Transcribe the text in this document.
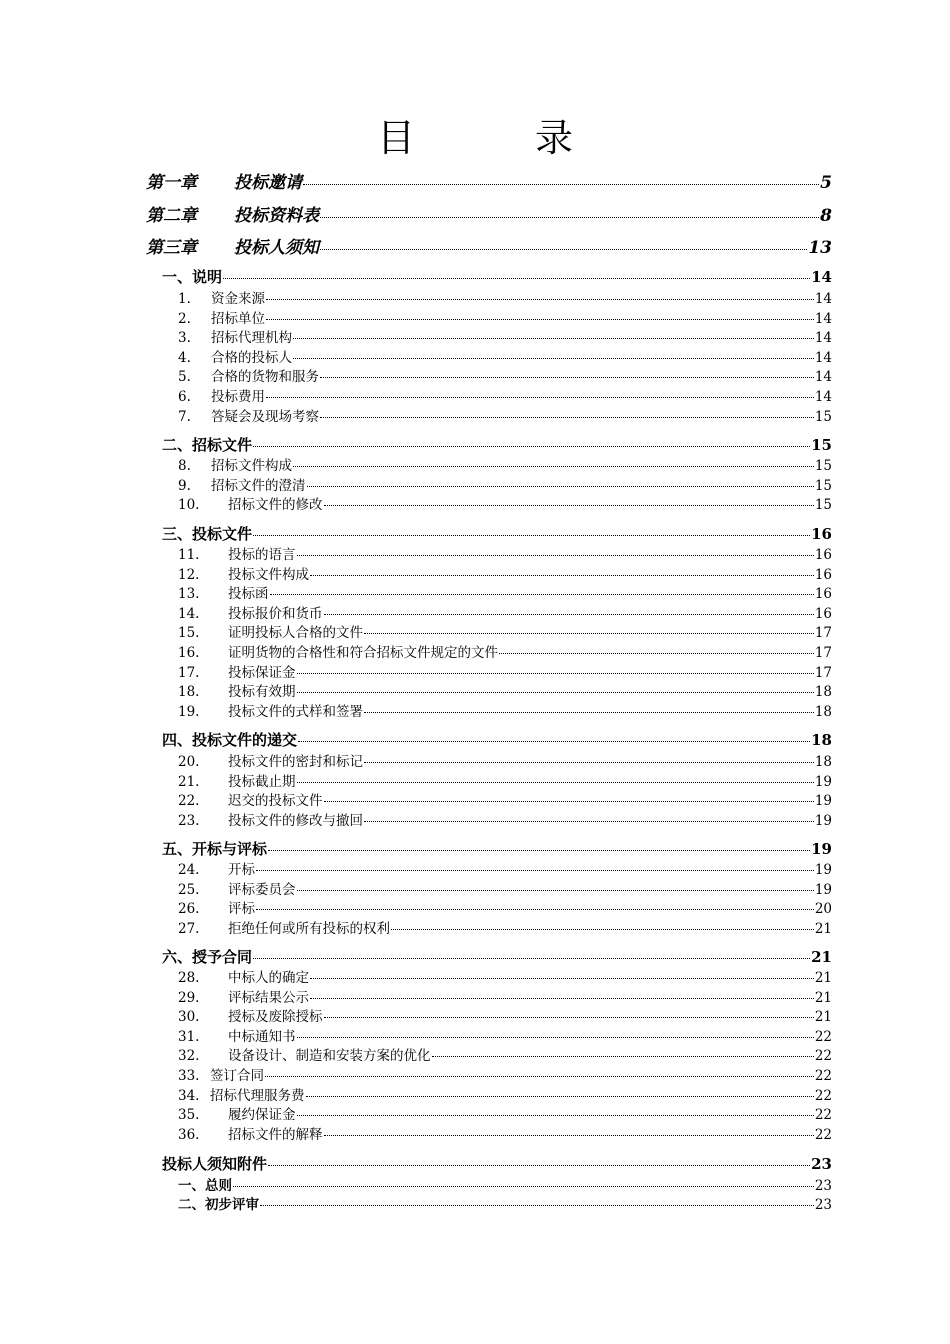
目 录
第一章	投标邀请	5
第二章	投标资料表	8
第三章	投标人须知	13
一、说明	14
1.	资金来源	14
2.	招标单位	14
3.	招标代理机构	14
4.	合格的投标人	14
5.	合格的货物和服务	14
6.	投标费用	14
7.	答疑会及现场考察	15
二、招标文件	15
8.	招标文件构成	15
9.	招标文件的澄清	15
10.	招标文件的修改	15
三、投标文件	16
11.	投标的语言	16
12.	投标文件构成	16
13.	投标函	16
14.	投标报价和货币	16
15.	证明投标人合格的文件	17
16.	证明货物的合格性和符合招标文件规定的文件	17
17.	投标保证金	17
18.	投标有效期	18
19.	投标文件的式样和签署	18
四、投标文件的递交	18
20.	投标文件的密封和标记	18
21.	投标截止期	19
22.	迟交的投标文件	19
23.	投标文件的修改与撤回	19
五、开标与评标	19
24.	开标	19
25.	评标委员会	19
26.	评标	20
27.	拒绝任何或所有投标的权利	21
六、授予合同	21
28.	中标人的确定	21
29.	评标结果公示	21
30.	授标及废除授标	21
31.	中标通知书	22
32.	设备设计、制造和安装方案的优化	22
33. 签订合同	22
34. 招标代理服务费	22
35.	履约保证金	22
36.	招标文件的解释	22
投标人须知附件	23
一、总则	23
二、初步评审	23
